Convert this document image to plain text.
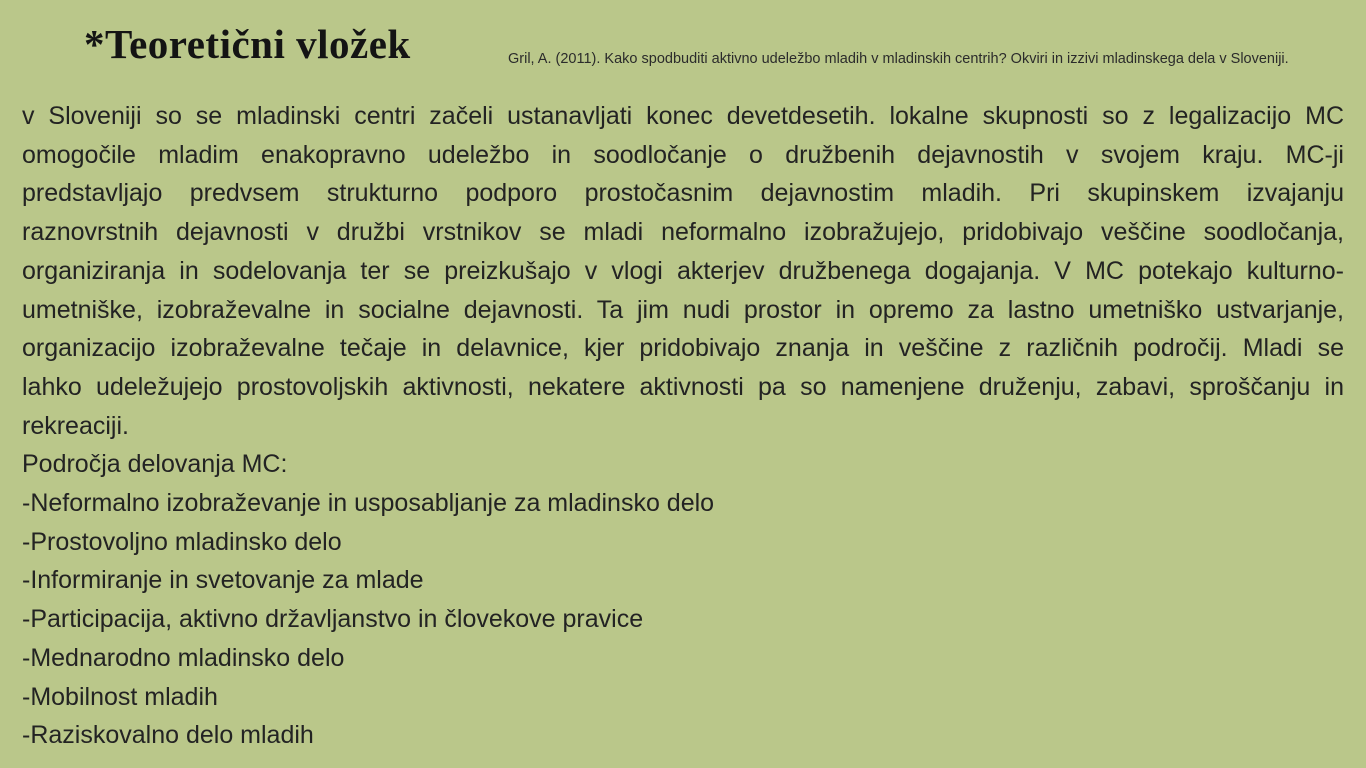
*Teoretični vložek	Gril, A. (2011). Kako spodbuditi aktivno udeležbo mladih v mladinskih centrih? Okviri in izzivi mladinskega dela v Sloveniji.
v Sloveniji so se mladinski centri začeli ustanavljati konec devetdesetih. lokalne skupnosti so z legalizacijo MC
omogočile mladim enakopravno udeležbo in soodločanje o družbenih dejavnostih v svojem kraju. MC-ji
predstavljajo predvsem strukturno podporo prostočasnim dejavnostim mladih. Pri skupinskem izvajanju
raznovrstnih dejavnosti v družbi vrstnikov se mladi neformalno izobražujejo, pridobivajo veščine soodločanja,
organiziranja in sodelovanja ter se preizkušajo v vlogi akterjev družbenega dogajanja. V MC potekajo kulturno-
umetniške, izobraževalne in socialne dejavnosti. Ta jim nudi prostor in opremo za lastno umetniško ustvarjanje,
organizacijo izobraževalne tečaje in delavnice, kjer pridobivajo znanja in veščine z različnih področij. Mladi se
lahko udeležujejo prostovoljskih aktivnosti, nekatere aktivnosti pa so namenjene druženju, zabavi, sproščanju in
rekreaciji.
Področja delovanja MC:
-Neformalno izobraževanje in usposabljanje za mladinsko delo
-Prostovoljno mladinsko delo
-Informiranje in svetovanje za mlade
-Participacija, aktivno državljanstvo in človekove pravice
-Mednarodno mladinsko delo
-Mobilnost mladih
-Raziskovalno delo mladih
